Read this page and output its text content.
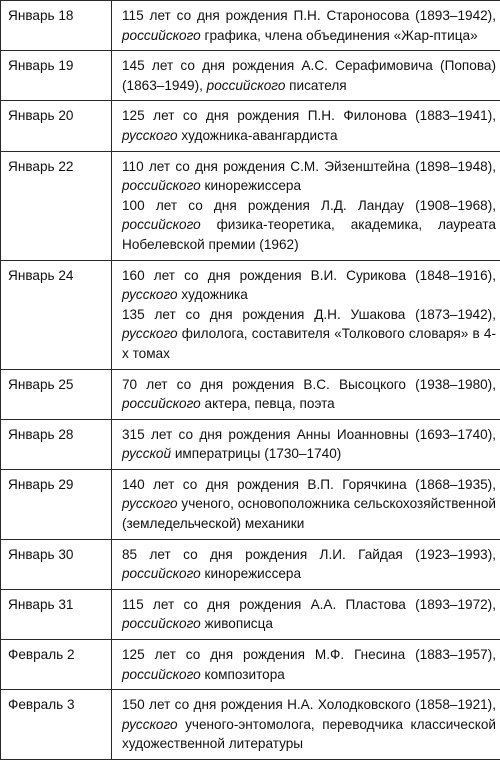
Январь 18	115 лет со дня рождения П.Н. Староносова (1893–1942), российского графика, члена объединения «Жар-птица»

Январь 19	145 лет со дня рождения А.С. Серафимовича (Попова) (1863–1949), российского писателя

Январь 20	125 лет со дня рождения П.Н. Филонова (1883–1941), русского художника-авангардиста

Январь 22	110 лет со дня рождения С.М. Эйзенштейна (1898–1948), российского кинорежиссера
100 лет со дня рождения Л.Д. Ландау (1908–1968), российского физика-теоретика, академика, лауреата Нобелевской премии (1962)

Январь 24	160 лет со дня рождения В.И. Сурикова (1848–1916), русского художника
135 лет со дня рождения Д.Н. Ушакова (1873–1942), русского филолога, составителя «Толкового словаря» в 4-х томах

Январь 25	70 лет со дня рождения В.С. Высоцкого (1938–1980), российского актера, певца, поэта

Январь 28	315 лет со дня рождения Анны Иоанновны (1693–1740), русской императрицы (1730–1740)

Январь 29	140 лет со дня рождения В.П. Горячкина (1868–1935), русского ученого, основоположника сельскохозяйственной (земледельческой) механики

Январь 30	85 лет со дня рождения Л.И. Гайдая (1923–1993), российского кинорежиссера

Январь 31	115 лет со дня рождения А.А. Пластова (1893–1972), российского живописца

Февраль 2	125 лет со дня рождения М.Ф. Гнесина (1883–1957), российского композитора

Февраль 3	150 лет со дня рождения Н.А. Холодковского (1858–1921), русского ученого-энтомолога, переводчика классической художественной литературы
